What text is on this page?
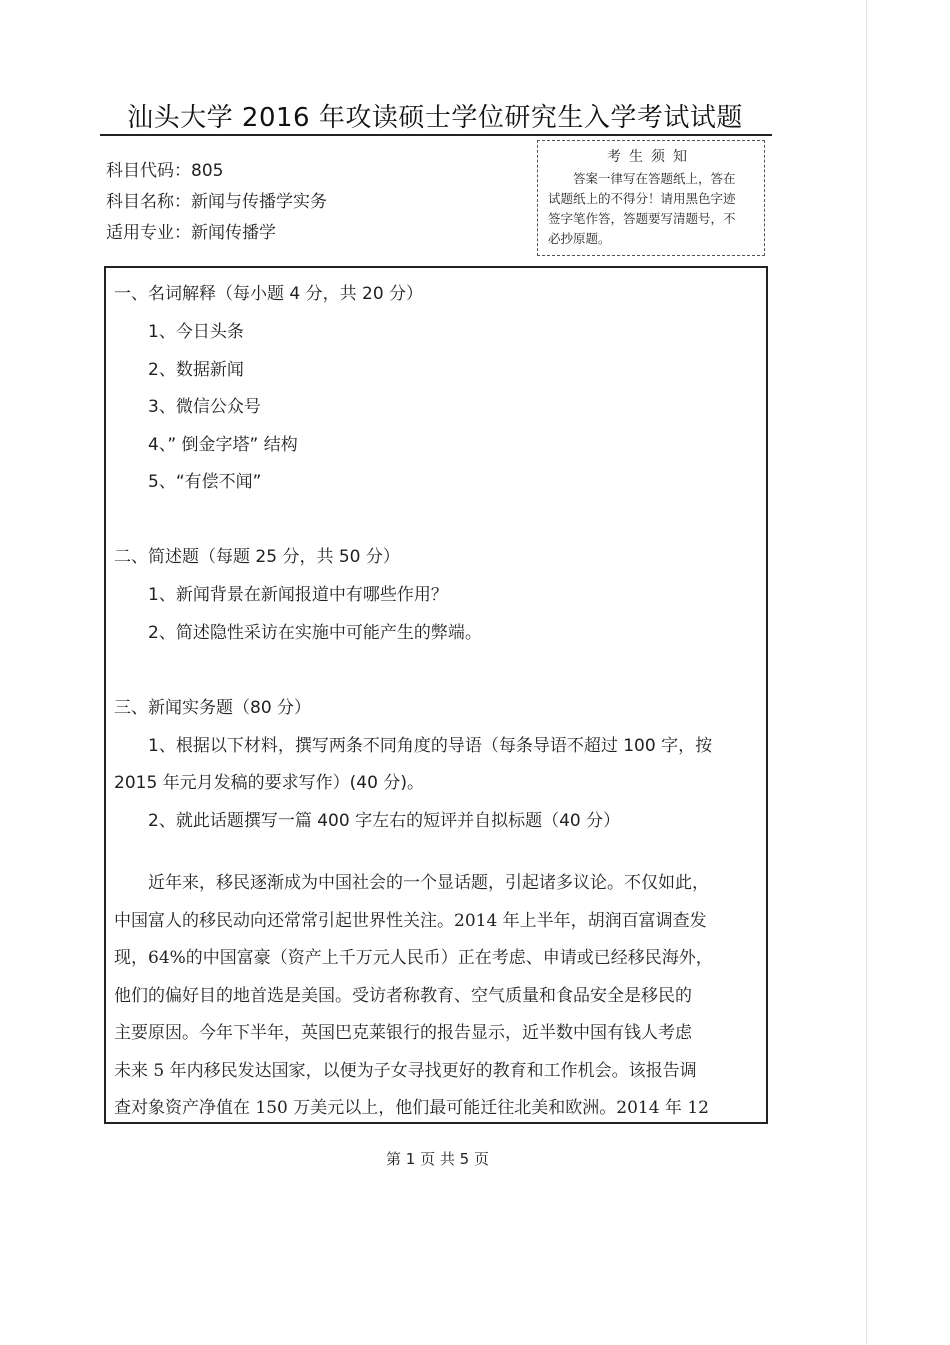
汕头大学 2016 年攻读硕士学位研究生入学考试试题
科目代码：805
科目名称：新闻与传播学实务
适用专业：新闻传播学
考生须知
答案一律写在答题纸上，答在
试题纸上的不得分！请用黑色字迹
签字笔作答，答题要写清题号，不
必抄原题。
一、名词解释（每小题 4 分，共 20 分）
1、今日头条
2、数据新闻
3、微信公众号
4、” 倒金字塔” 结构
5、“有偿不闻”
二、简述题（每题 25 分，共 50 分）
1、新闻背景在新闻报道中有哪些作用？
2、简述隐性采访在实施中可能产生的弊端。
三、新闻实务题（80 分）
1、根据以下材料，撰写两条不同角度的导语（每条导语不超过 100 字，按
2015 年元月发稿的要求写作）(40 分)。
2、就此话题撰写一篇 400 字左右的短评并自拟标题（40 分）
近年来，移民逐渐成为中国社会的一个显话题，引起诸多议论。不仅如此，
中国富人的移民动向还常常引起世界性关注。2014 年上半年，胡润百富调查发
现，64%的中国富豪（资产上千万元人民币）正在考虑、申请或已经移民海外，
他们的偏好目的地首选是美国。受访者称教育、空气质量和食品安全是移民的
主要原因。今年下半年，英国巴克莱银行的报告显示，近半数中国有钱人考虑
未来 5 年内移民发达国家，以便为子女寻找更好的教育和工作机会。该报告调
查对象资产净值在 150 万美元以上，他们最可能迁往北美和欧洲。2014 年 12
第 1 页 共 5 页
